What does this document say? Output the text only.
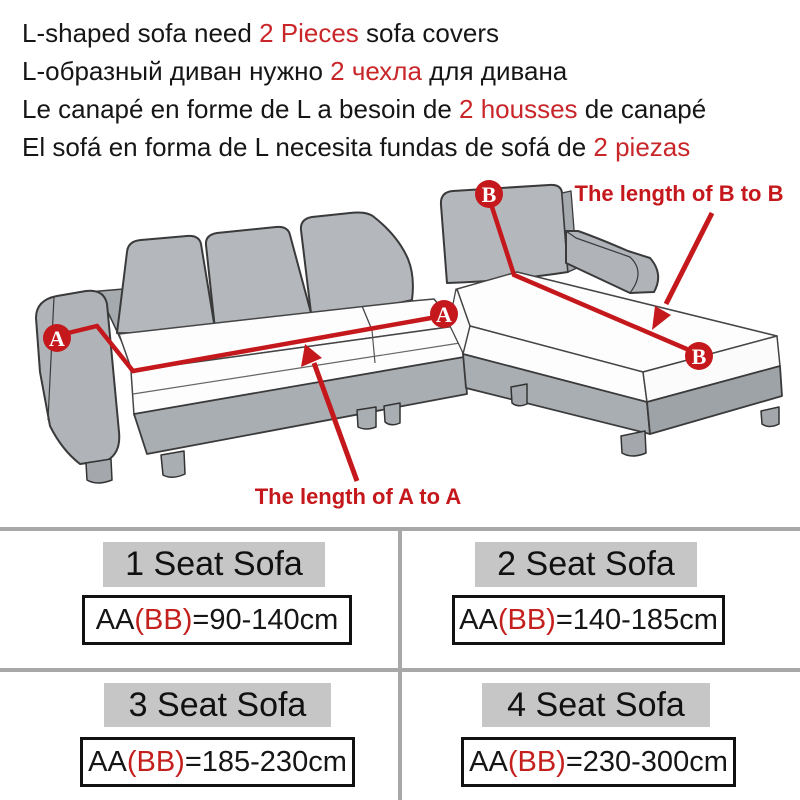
L-shaped sofa need 2 Pieces sofa covers
L-образный диван нужно 2 чехла для дивана
Le canapé en forme de L a besoin de 2 housses de canapé
El sofá en forma de L necesita fundas de sofá de 2 piezas
A
A
B
B
The length of B to B
The length of A to A
1 Seat Sofa
AA (BB) =90-140cm
2 Seat Sofa
AA (BB) =140-185cm
3 Seat Sofa
AA (BB) =185-230cm
4 Seat Sofa
AA (BB) =230-300cm
